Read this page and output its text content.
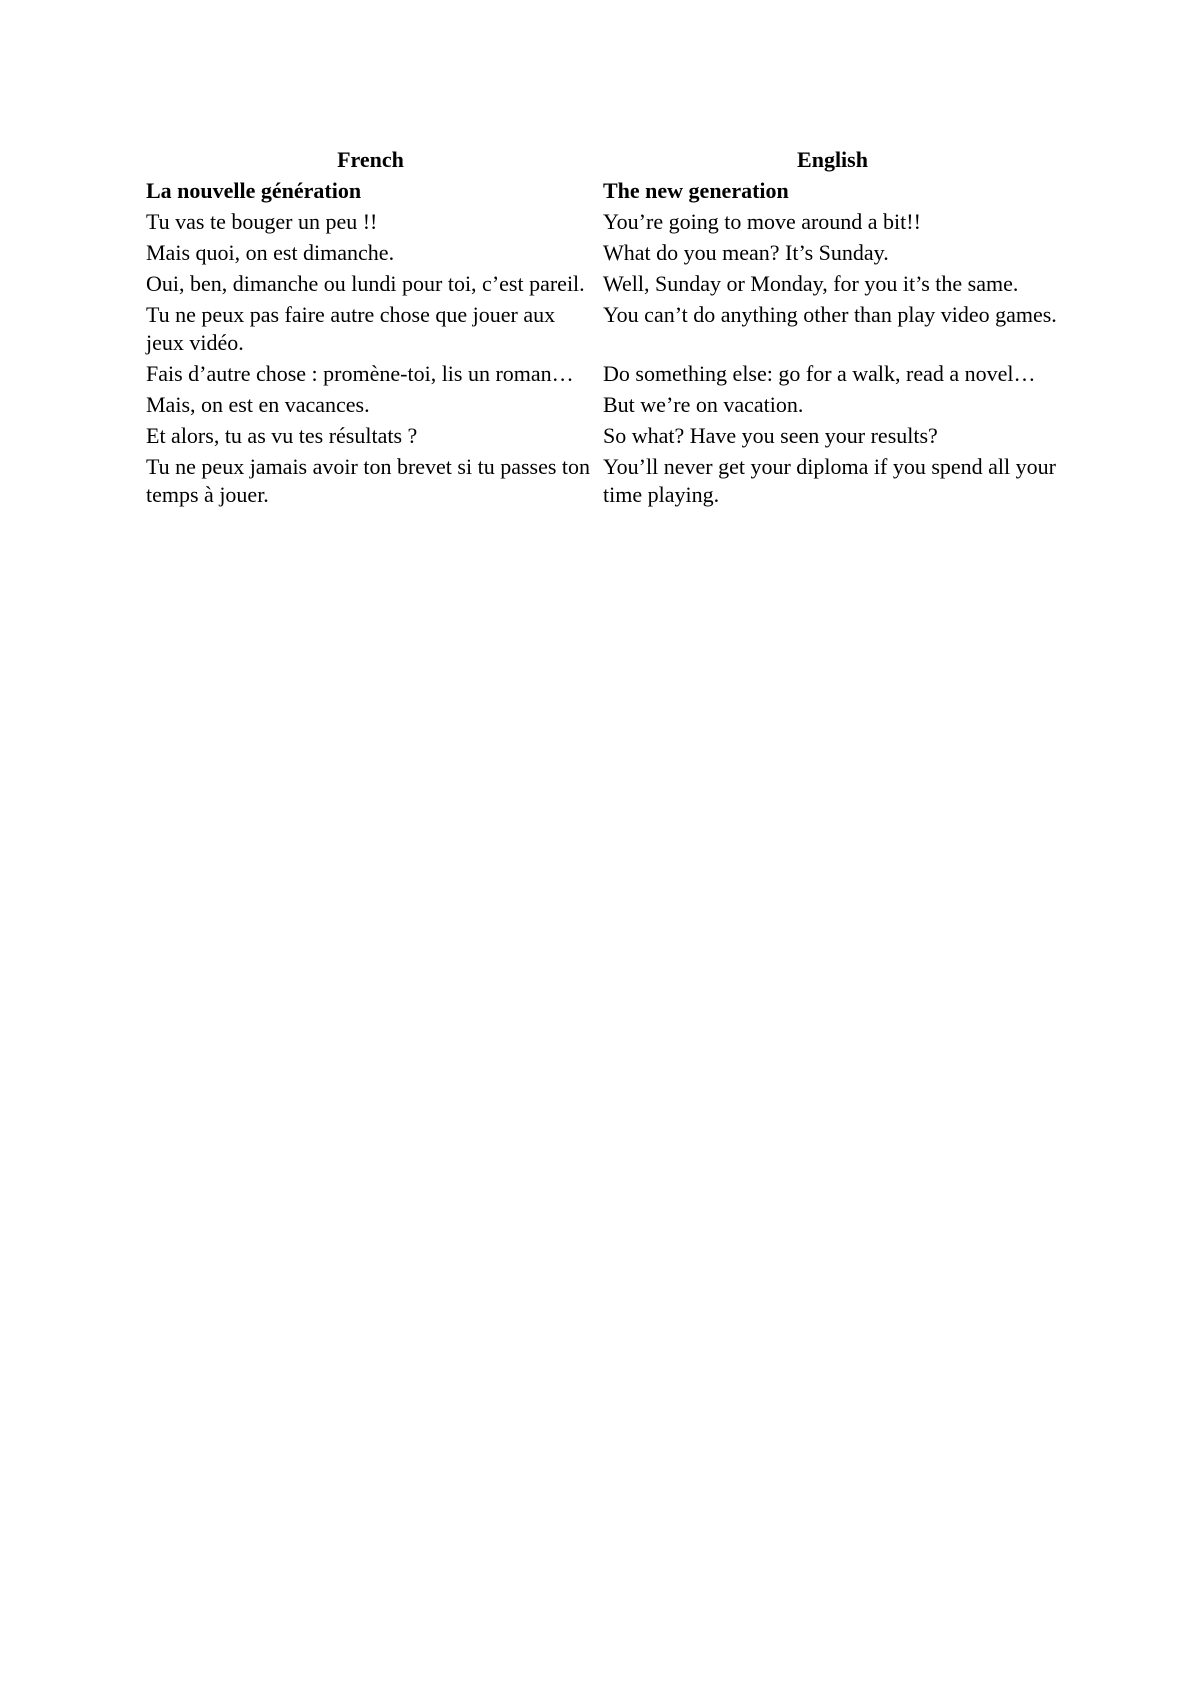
French	English
La nouvelle génération	The new generation
Tu vas te bouger un peu !!	You’re going to move around a bit!!
Mais quoi, on est dimanche.	What do you mean? It’s Sunday.
Oui, ben, dimanche ou lundi pour toi, c’est pareil.	Well, Sunday or Monday, for you it’s the same.
Tu ne peux pas faire autre chose que jouer aux jeux vidéo.	You can’t do anything other than play video games.
Fais d’autre chose : promène-toi, lis un roman…	Do something else: go for a walk, read a novel…
Mais, on est en vacances.	But we’re on vacation.
Et alors, tu as vu tes résultats ?	So what? Have you seen your results?
Tu ne peux jamais avoir ton brevet si tu passes ton temps à jouer.	You’ll never get your diploma if you spend all your time playing.
